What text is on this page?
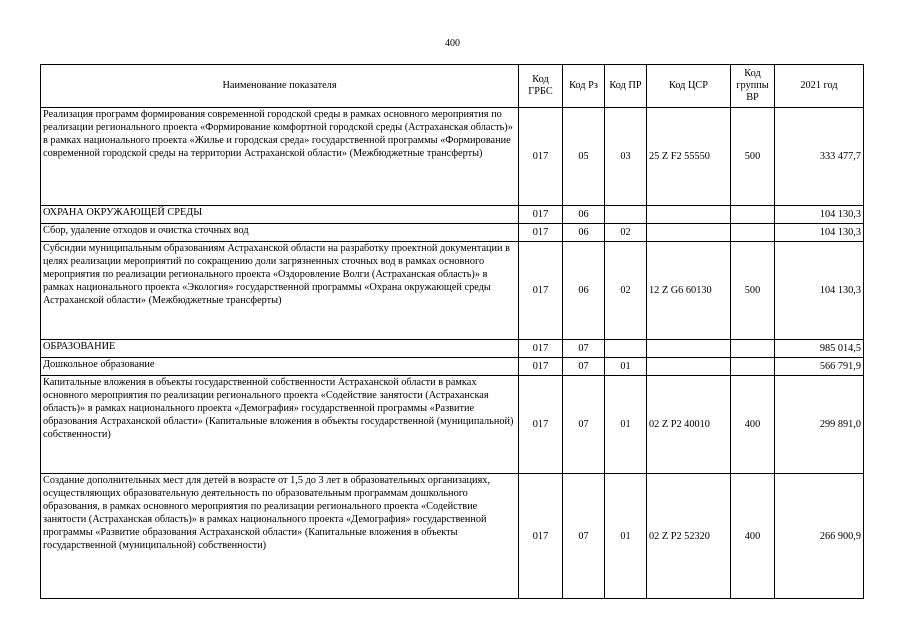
400
Наименование показателя	Код ГРБС	Код Рз	Код ПР	Код ЦСР	Код группы ВР	2021 год
Реализация программ формирования современной городской среды в рамках основного мероприятия по реализации регионального проекта «Формирование комфортной городской среды (Астраханская область)» в рамках национального проекта «Жилье и городская среда» государственной программы «Формирование современной городской среды на территории Астраханской области» (Межбюджетные трансферты)	017	05	03	25 Z F2 55550	500	333 477,7
ОХРАНА ОКРУЖАЮЩЕЙ СРЕДЫ	017	06				104 130,3
Сбор, удаление отходов и очистка сточных вод	017	06	02			104 130,3
Субсидии муниципальным образованиям Астраханской области на разработку проектной документации в целях реализации мероприятий по сокращению доли загрязненных сточных вод в рамках основного мероприятия по реализации регионального проекта «Оздоровление Волги (Астраханская область)» в рамках национального проекта «Экология» государственной программы «Охрана окружающей среды Астраханской области» (Межбюджетные трансферты)	017	06	02	12 Z G6 60130	500	104 130,3
ОБРАЗОВАНИЕ	017	07				985 014,5
Дошкольное образование	017	07	01			566 791,9
Капитальные вложения в объекты государственной собственности Астраханской области в рамках основного мероприятия по реализации регионального проекта «Содействие занятости (Астраханская область)» в рамках национального проекта «Демография» государственной программы «Развитие образования Астраханской области» (Капитальные вложения в объекты государственной (муниципальной) собственности)	017	07	01	02 Z P2 40010	400	299 891,0
Создание дополнительных мест для детей в возрасте от 1,5 до 3 лет в образовательных организациях, осуществляющих образовательную деятельность по образовательным программам дошкольного образования, в рамках основного мероприятия по реализации регионального проекта «Содействие занятости (Астраханская область)» в рамках национального проекта «Демография» государственной программы «Развитие образования Астраханской области» (Капитальные вложения в объекты государственной (муниципальной) собственности)	017	07	01	02 Z P2 52320	400	266 900,9
